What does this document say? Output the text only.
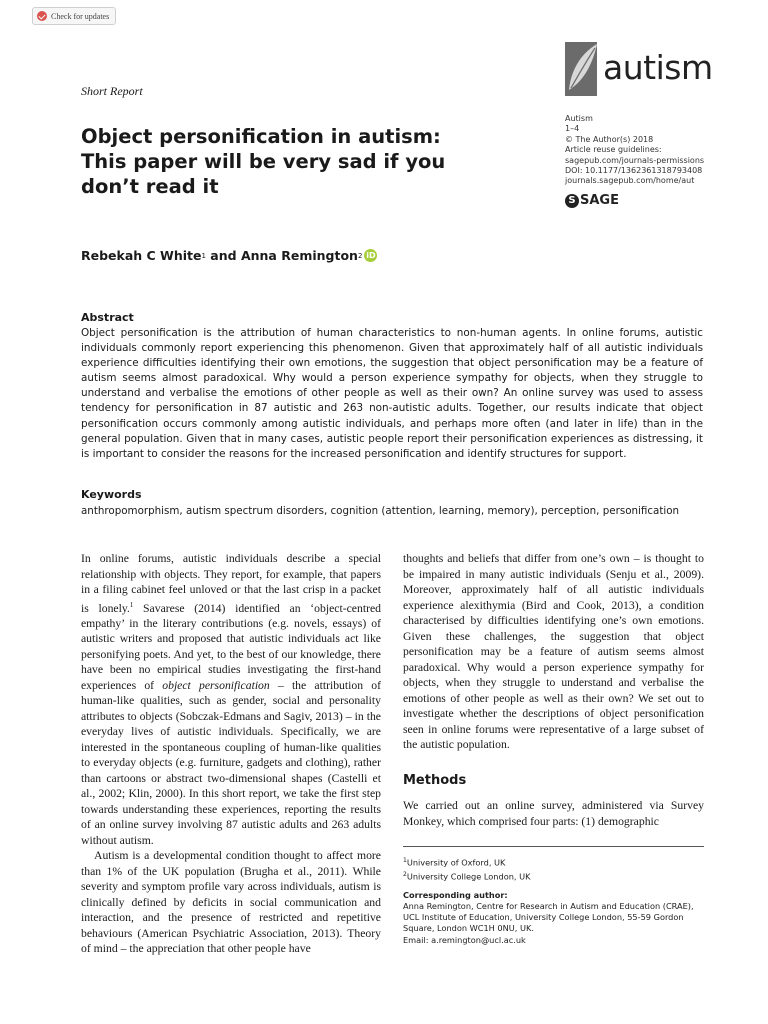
Check for updates
Short Report
Object personification in autism:
This paper will be very sad if you
don’t read it
autism
Autism
1–4
© The Author(s) 2018
Article reuse guidelines:
sagepub.com/journals-permissions
DOI: 10.1177/1362361318793408
journals.sagepub.com/home/aut
S SAGE
Rebekah C White 1 and Anna Remington 2 iD
Abstract

Object personification is the attribution of human characteristics to non-human agents. In online forums, autistic individuals commonly report experiencing this phenomenon. Given that approximately half of all autistic individuals experience difficulties identifying their own emotions, the suggestion that object personification may be a feature of autism seems almost paradoxical. Why would a person experience sympathy for objects, when they struggle to understand and verbalise the emotions of other people as well as their own? An online survey was used to assess tendency for personification in 87 autistic and 263 non-autistic adults. Together, our results indicate that object personification occurs commonly among autistic individuals, and perhaps more often (and later in life) than in the general population. Given that in many cases, autistic people report their personification experiences as distressing, it is important to consider the reasons for the increased personification and identify structures for support.

Keywords

anthropomorphism, autism spectrum disorders, cognition (attention, learning, memory), perception, personification

In online forums, autistic individuals describe a special relationship with objects. They report, for example, that papers in a filing cabinet feel unloved or that the last crisp in a packet is lonely.$^1$ Savarese (2014) identified an ‘object-centred empathy’ in the literary contributions (e.g. novels, essays) of autistic writers and proposed that autistic individuals act like personifying poets. And yet, to the best of our knowledge, there have been no empirical studies investigating the first-hand experiences of object personification – the attribution of human-like qualities, such as gender, social and personality attributes to objects (Sobczak-Edmans and Sagiv, 2013) – in the everyday lives of autistic individuals. Specifically, we are interested in the spontaneous coupling of human-like qualities to everyday objects (e.g. furniture, gadgets and clothing), rather than cartoons or abstract two-dimensional shapes (Castelli et al., 2002; Klin, 2000). In this short report, we take the first step towards understanding these experiences, reporting the results of an online survey involving 87 autistic adults and 263 adults without autism.

Autism is a developmental condition thought to affect more than 1% of the UK population (Brugha et al., 2011). While severity and symptom profile vary across individuals, autism is clinically defined by deficits in social communication and interaction, and the presence of restricted and repetitive behaviours (American Psychiatric Association, 2013). Theory of mind – the appreciation that other people have

thoughts and beliefs that differ from one’s own – is thought to be impaired in many autistic individuals (Senju et al., 2009). Moreover, approximately half of all autistic individuals experience alexithymia (Bird and Cook, 2013), a condition characterised by difficulties identifying one’s own emotions. Given these challenges, the suggestion that object personification may be a feature of autism seems almost paradoxical. Why would a person experience sympathy for objects, when they struggle to understand and verbalise the emotions of other people as well as their own? We set out to investigate whether the descriptions of object personification seen in online forums were representative of a large subset of the autistic population.

Methods

We carried out an online survey, administered via Survey Monkey, which comprised four parts: (1) demographic

$^1$University of Oxford, UK

$^2$University College London, UK

Corresponding author:

Anna Remington, Centre for Research in Autism and Education (CRAE), UCL Institute of Education, University College London, 55-59 Gordon Square, London WC1H 0NU, UK.

Email: a.remington@ucl.ac.uk
